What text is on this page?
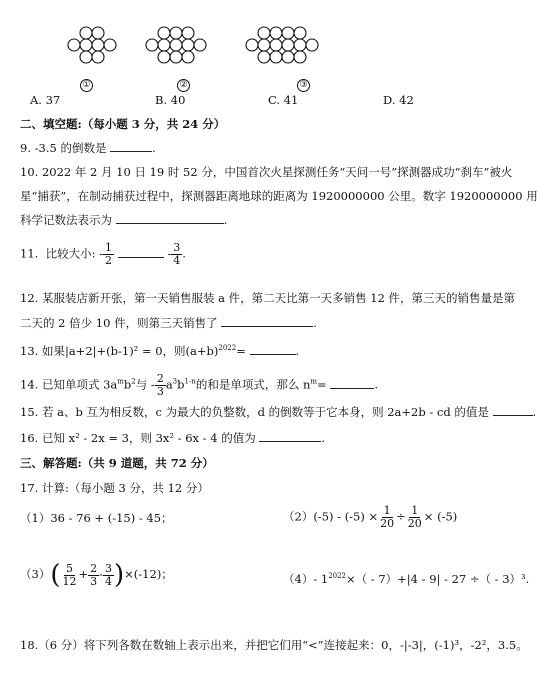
①	②	③
A. 37	B. 40	C. 41	D. 42
二、填空题:（每小题 3 分，共 24 分）
9. -3.5 的倒数是	.
10. 2022 年 2 月 10 日 19 时 52 分，中国首次火星探测任务“天问一号”探测器成功“刹车”被火
星“捕获”，在制动捕获过程中，探测器距离地球的距离为 1920000000 公里。数字 1920000000 用
科学记数法表示为	.
11. 比较大小: - $\frac{1}{2}$	- $\frac{3}{4}$ .
12. 某服装店新开张，第一天销售服装 a 件，第二天比第一天多销售 12 件，第三天的销售量是第
二天的 2 倍少 10 件，则第三天销售了	.
13. 如果|a+2|+(b-1)² = 0，则$(a+b)^{2022}=$	.
14. 已知单项式 $3a^mb^2$与 - $\frac{2}{3} a^3b^{1-n}$的和是单项式，那么 $n^m=$	.
15. 若 a、b 互为相反数，c 为最大的负整数，d 的倒数等于它本身，则 2a+2b - cd 的值是	.
16. 已知 x² - 2x = 3，则 3x² - 6x - 4 的值为	.
三、解答题:（共 9 道题，共 72 分）
17. 计算:（每小题 3 分，共 12 分）
（1）36 - 76 + (-15) - 45；	$(2)(-5) - (-5) \times \frac{1}{20} \div \frac{1}{20} \times (-5)$
$(3)( \frac{5}{12} + \frac{2}{3} - \frac{3}{4} )\times(-12)$；	（4）- $1^{2022}\times( - 7)+|4 - 9| - 27$ ÷（ - 3）³.
18.（6 分）将下列各数在数轴上表示出来，并把它们用“<”连接起来：0，-|-3|，(-1)³，-2²，3.5。
